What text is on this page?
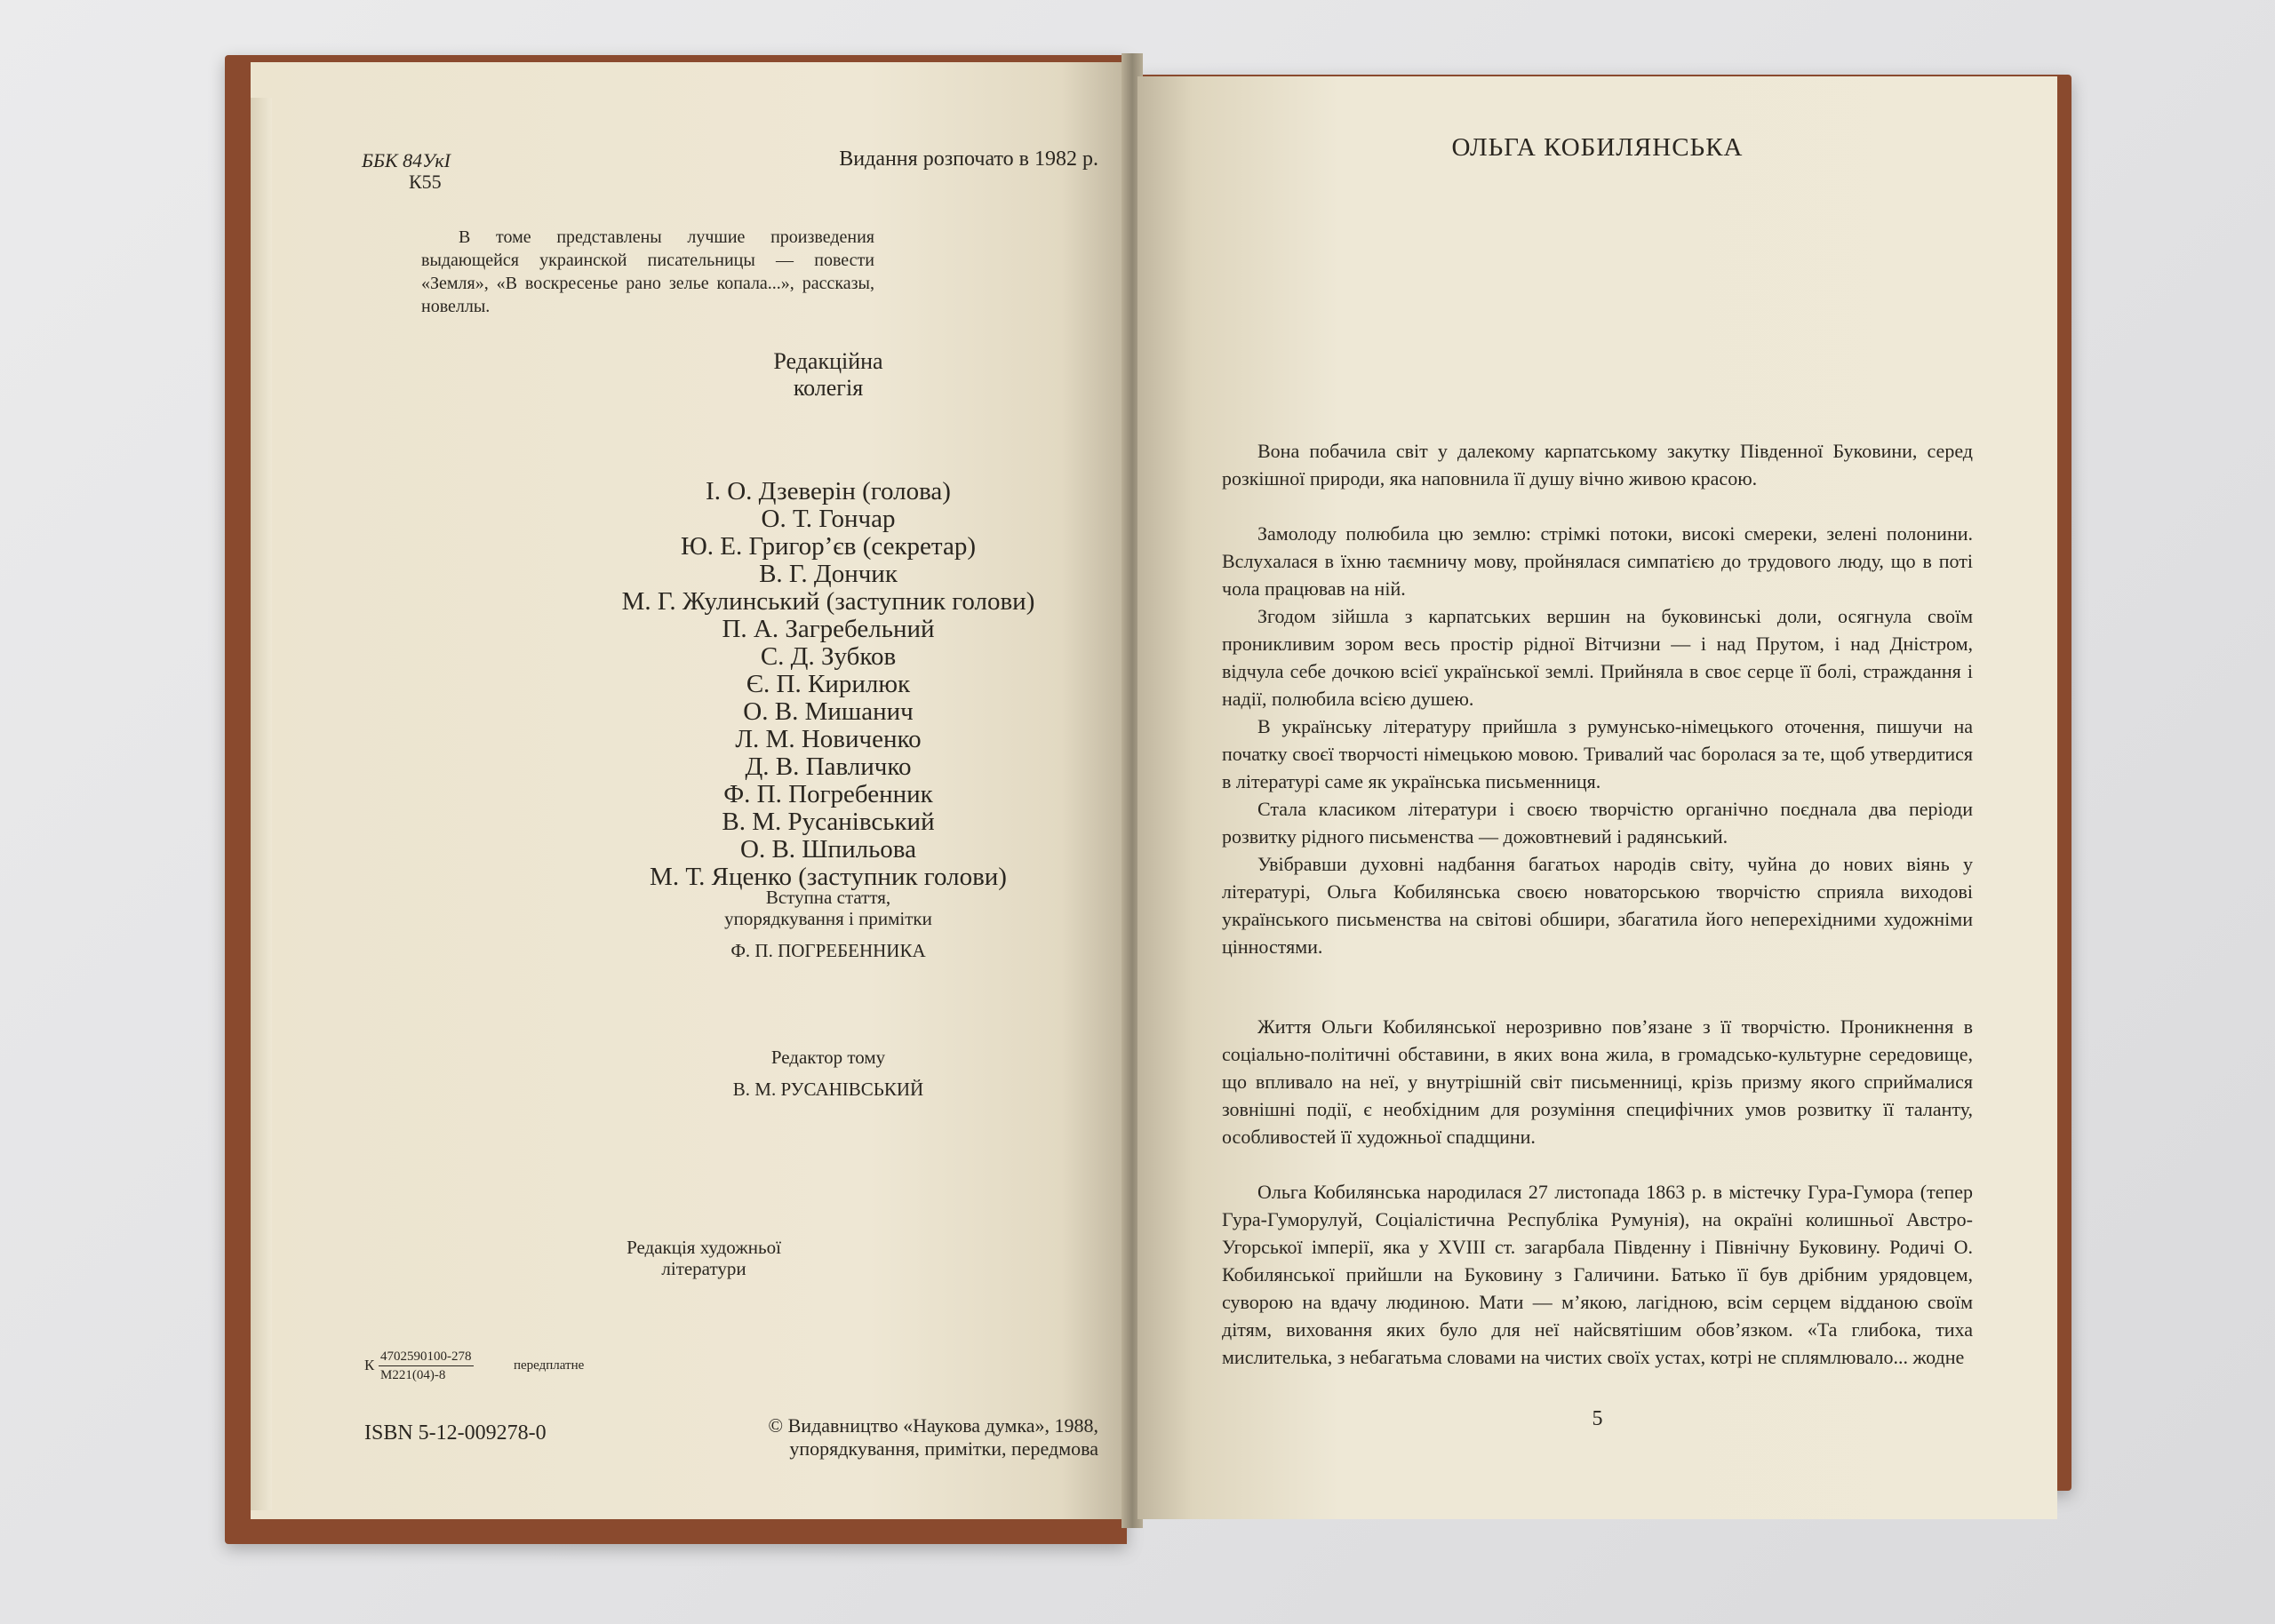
ББК 84УкІ
К55
Видання розпочато в 1982 р.

В томе представлены лучшие произведения выдающейся украинской писательницы — повести «Земля», «В воскресенье рано зелье копала...», рассказы, новеллы.

Редакційна
колегія
І. О. Дзеверін (голова)
О. Т. Гончар
Ю. Е. Григор’єв (секретар)
В. Г. Дончик
М. Г. Жулинський (заступник голови)
П. А. Загребельний
С. Д. Зубков
Є. П. Кирилюк
О. В. Мишанич
Л. М. Новиченко
Д. В. Павличко
Ф. П. Погребенник
В. М. Русанівський
О. В. Шпильова
М. Т. Яценко (заступник голови)
Вступна стаття,
упорядкування і примітки
Ф. П. ПОГРЕБЕННИКА
Редактор тому
В. М. РУСАНІВСЬКИЙ
Редакція художньої
літератури
К 4702590100-278
М221(04)-8
передплатне
ISBN 5-12-009278-0	© Видавництво «Наукова думка», 1988,
упорядкування, примітки, передмова
ОЛЬГА КОБИЛЯНСЬКА

Вона побачила світ у далекому карпатському закутку Південної Буковини, серед розкішної природи, яка наповнила її душу вічно живою красою.

Замолоду полюбила цю землю: стрімкі потоки, високі смереки, зелені полонини. Вслухалася в їхню таємничу мову, пройнялася симпатією до трудового люду, що в поті чола працював на ній.

Згодом зійшла з карпатських вершин на буковинські доли, осягнула своїм проникливим зором весь простір рідної Вітчизни — і над Прутом, і над Дністром, відчула себе дочкою всієї української землі. Прийняла в своє серце її болі, страждання і надії, полюбила всією душею.

В українську літературу прийшла з румунсько-німецького оточення, пишучи на початку своєї творчості німецькою мовою. Тривалий час боролася за те, щоб утвердитися в літературі саме як українська письменниця.

Стала класиком літератури і своєю творчістю органічно поєднала два періоди розвитку рідного письменства — дожовтневий і радянський.

Увібравши духовні надбання багатьох народів світу, чуйна до нових віянь у літературі, Ольга Кобилянська своєю новаторською творчістю сприяла виходові українського письменства на світові обшири, збагатила його неперехідними художніми цінностями.

Життя Ольги Кобилянської нерозривно пов’язане з її творчістю. Проникнення в соціально-політичні обставини, в яких вона жила, в громадсько-культурне середовище, що впливало на неї, у внутрішній світ письменниці, крізь призму якого сприймалися зовнішні події, є необхідним для розуміння специфічних умов розвитку її таланту, особливостей її художньої спадщини.

Ольга Кобилянська народилася 27 листопада 1863 р. в містечку Гура-Гумора (тепер Гура-Гуморулуй, Соціалістична Республіка Румунія), на окраїні колишньої Австро-Угорської імперії, яка у XVIII ст. загарбала Південну і Північну Буковину. Родичі О. Кобилянської прийшли на Буковину з Галичини. Батько її був дрібним урядовцем, суворою на вдачу людиною. Мати — м’якою, лагідною, всім серцем відданою своїм дітям, виховання яких було для неї найсвятішим обов’язком. «Та глибока, тиха мислителька, з небагатьма словами на чистих своїх устах, котрі не сплямлювало... жодне

5
